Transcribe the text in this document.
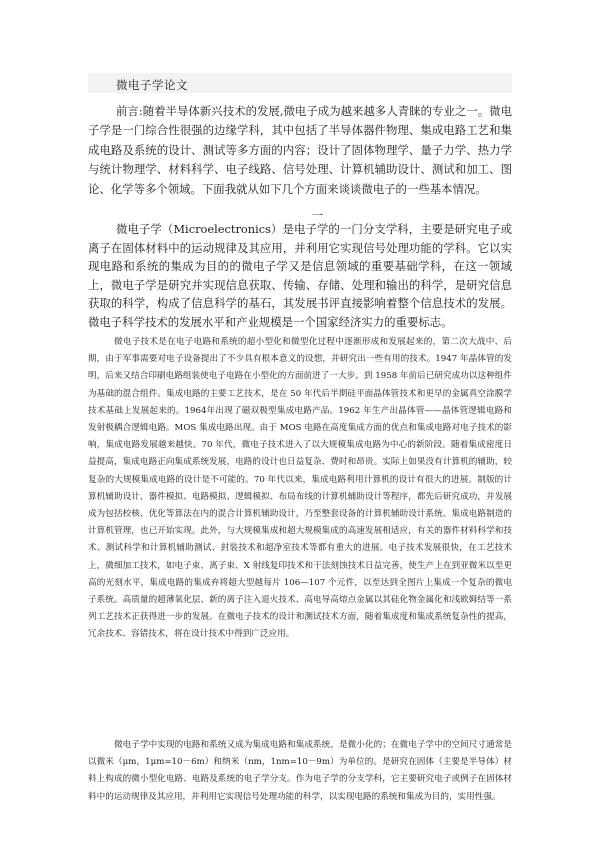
微电子学论文

前言:随着半导体新兴技术的发展,微电子成为越来越多人青睐的专业之一。微电子学是一门综合性很强的边缘学科，其中包括了半导体器件物理、集成电路工艺和集成电路及系统的设计、测试等多方面的内容；设计了固体物理学、量子力学、热力学与统计物理学、材料科学、电子线路、信号处理、计算机辅助设计、测试和加工、图论、化学等多个领域。下面我就从如下几个方面来谈谈微电子的一些基本情况。

一

微电子学（Microelectronics）是电子学的一门分支学科，主要是研究电子或离子在固体材料中的运动规律及其应用，并利用它实现信号处理功能的学科。它以实现电路和系统的集成为目的的微电子学又是信息领域的重要基础学科，在这一领域上，微电子学是研究并实现信息获取、传输、存储、处理和输出的科学，是研究信息获取的科学，构成了信息科学的基石，其发展书评直接影响着整个信息技术的发展。微电子科学技术的发展水平和产业规模是一个国家经济实力的重要标志。

微电子技术是在电子电路和系统的超小型化和微型化过程中逐渐形成和发展起来的，第二次大战中、后期，由于军事需要对电子设备提出了不少具有根本意义的设想，并研究出一些有用的技术。1947 年晶体管的发明，后来又结合印刷电路组装使电子电路在小型化的方面前进了一大步。到 1958 年前后已研究成功以这种组件为基础的混合组件。集成电路的主要工艺技术，是在 50 年代后半期硅平面晶体管技术和更早的金属真空涂膜学技术基础上发展起来的。1964年出现了磁双极型集成电路产品。1962 年生产出晶体管——晶体管逻辑电路和发射极耦合逻辑电路。MOS 集成电路出现。由于 MOS 电路在高度集成方面的优点和集成电路对电子技术的影响，集成电路发展越来越快。70 年代，微电子技术进入了以大规模集成电路为中心的新阶段。随着集成密度日益提高，集成电路正向集成系统发展，电路的设计也日益复杂、费时和昂贵。实际上如果没有计算机的辅助，较复杂的大规模集成电路的设计是不可能的。70 年代以来，集成电路利用计算机的设计有很大的进展。制版的计算机辅助设计、器件模拟、电路模拟、逻辑模拟、布局布线的计算机辅助设计等程序，都先后研究成功，并发展成为包括校核、优化等算法在内的混合计算机辅助设计，乃至整套设备的计算机辅助设计系统。集成电路制造的计算机管理，也已开始实现。此外，与大规模集成和超大规模集成的高速发展相适应，有关的器件材料科学和技术、测试科学和计算机辅助测试、封装技术和超净室技术等都有重大的进展。电子技术发展很快，在工艺技术上，微细加工技术，如电子束、离子束、X 射线复印技术和干法刻蚀技术日益完善，使生产上在到亚微米以至更高的光刻水平，集成电路的集成弃将超大型越每片 106—107 个元件，以至达到全图片上集成一个复杂的微电子系统。高质量的超薄氧化层、新的离子注入退火技术、高电导高熔点金属以其硅化物金属化和浅欧姆结等一系列工艺技术正获得进一步的发展。在微电子技术的设计和测试技术方面，随着集成度和集成系统复杂性的提高，冗余技术、容错技术，将在设计技术中得到广泛应用。

微电子学中实现的电路和系统又成为集成电路和集成系统，是微小化的；在微电子学中的空间尺寸通常是以微米（μm，1μm=10－6m）和纳米（nm，1nm=10－9m）为单位的。是研究在固体（主要是半导体）材料上构成的微小型化电路、电路及系统的电子学分支。作为电子学的分支学科，它主要研究电子或例子在固体材料中的运动规律及其应用，并利用它实现信号处理功能的科学，以实现电路的系统和集成为目的，实用性强。
